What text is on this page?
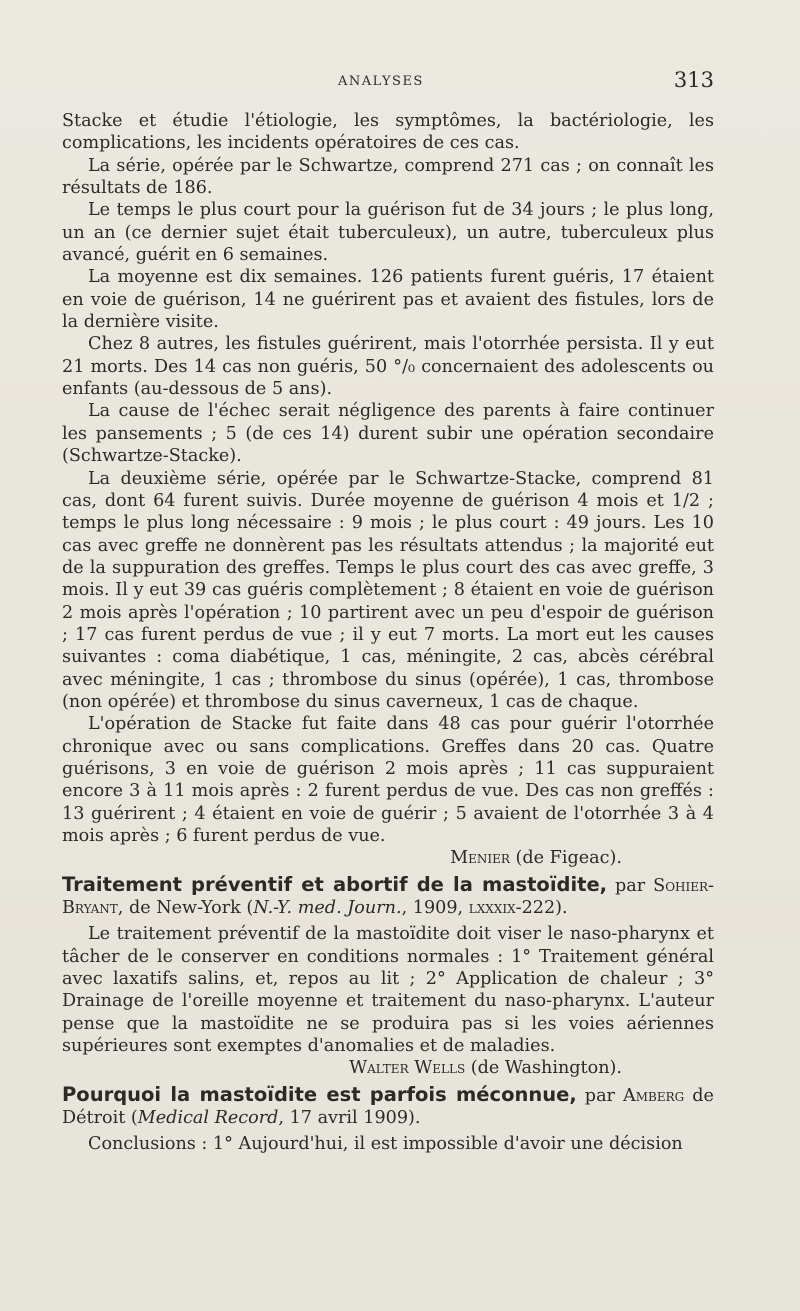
ANALYSES	313

Stacke et étudie l'étiologie, les symptômes, la bactériologie, les complications, les incidents opératoires de ces cas.

La série, opérée par le Schwartze, comprend 271 cas ; on connaît les résultats de 186.

Le temps le plus court pour la guérison fut de 34 jours ; le plus long, un an (ce dernier sujet était tuberculeux), un autre, tuberculeux plus avancé, guérit en 6 semaines.

La moyenne est dix semaines. 126 patients furent guéris, 17 étaient en voie de guérison, 14 ne guérirent pas et avaient des fistules, lors de la dernière visite.

Chez 8 autres, les fistules guérirent, mais l'otorrhée persista. Il y eut 21 morts. Des 14 cas non guéris, 50 °/₀ concernaient des adolescents ou enfants (au-dessous de 5 ans).

La cause de l'échec serait négligence des parents à faire continuer les pansements ; 5 (de ces 14) durent subir une opération secondaire (Schwartze-Stacke).

La deuxième série, opérée par le Schwartze-Stacke, comprend 81 cas, dont 64 furent suivis. Durée moyenne de guérison 4 mois et 1/2 ; temps le plus long nécessaire : 9 mois ; le plus court : 49 jours. Les 10 cas avec greffe ne donnèrent pas les résultats attendus ; la majorité eut de la suppuration des greffes. Temps le plus court des cas avec greffe, 3 mois. Il y eut 39 cas guéris complètement ; 8 étaient en voie de guérison 2 mois après l'opération ; 10 partirent avec un peu d'espoir de guérison ; 17 cas furent perdus de vue ; il y eut 7 morts. La mort eut les causes suivantes : coma diabétique, 1 cas, méningite, 2 cas, abcès cérébral avec méningite, 1 cas ; thrombose du sinus (opérée), 1 cas, thrombose (non opérée) et thrombose du sinus caverneux, 1 cas de chaque.

L'opération de Stacke fut faite dans 48 cas pour guérir l'otorrhée chronique avec ou sans complications. Greffes dans 20 cas. Quatre guérisons, 3 en voie de guérison 2 mois après ; 11 cas suppuraient encore 3 à 11 mois après : 2 furent perdus de vue. Des cas non greffés : 13 guérirent ; 4 étaient en voie de guérir ; 5 avaient de l'otorrhée 3 à 4 mois après ; 6 furent perdus de vue.

Menier (de Figeac).

Traitement préventif et abortif de la mastoïdite, par Sohier-Bryant, de New-York (N.-Y. med. Journ., 1909, lxxxix-222).

Le traitement préventif de la mastoïdite doit viser le naso-pharynx et tâcher de le conserver en conditions normales : 1° Traitement général avec laxatifs salins, et, repos au lit ; 2° Application de chaleur ; 3° Drainage de l'oreille moyenne et traitement du naso-pharynx. L'auteur pense que la mastoïdite ne se produira pas si les voies aériennes supérieures sont exemptes d'anomalies et de maladies.

Walter Wells (de Washington).

Pourquoi la mastoïdite est parfois méconnue, par Amberg de Détroit (Medical Record, 17 avril 1909).

Conclusions : 1° Aujourd'hui, il est impossible d'avoir une décision
